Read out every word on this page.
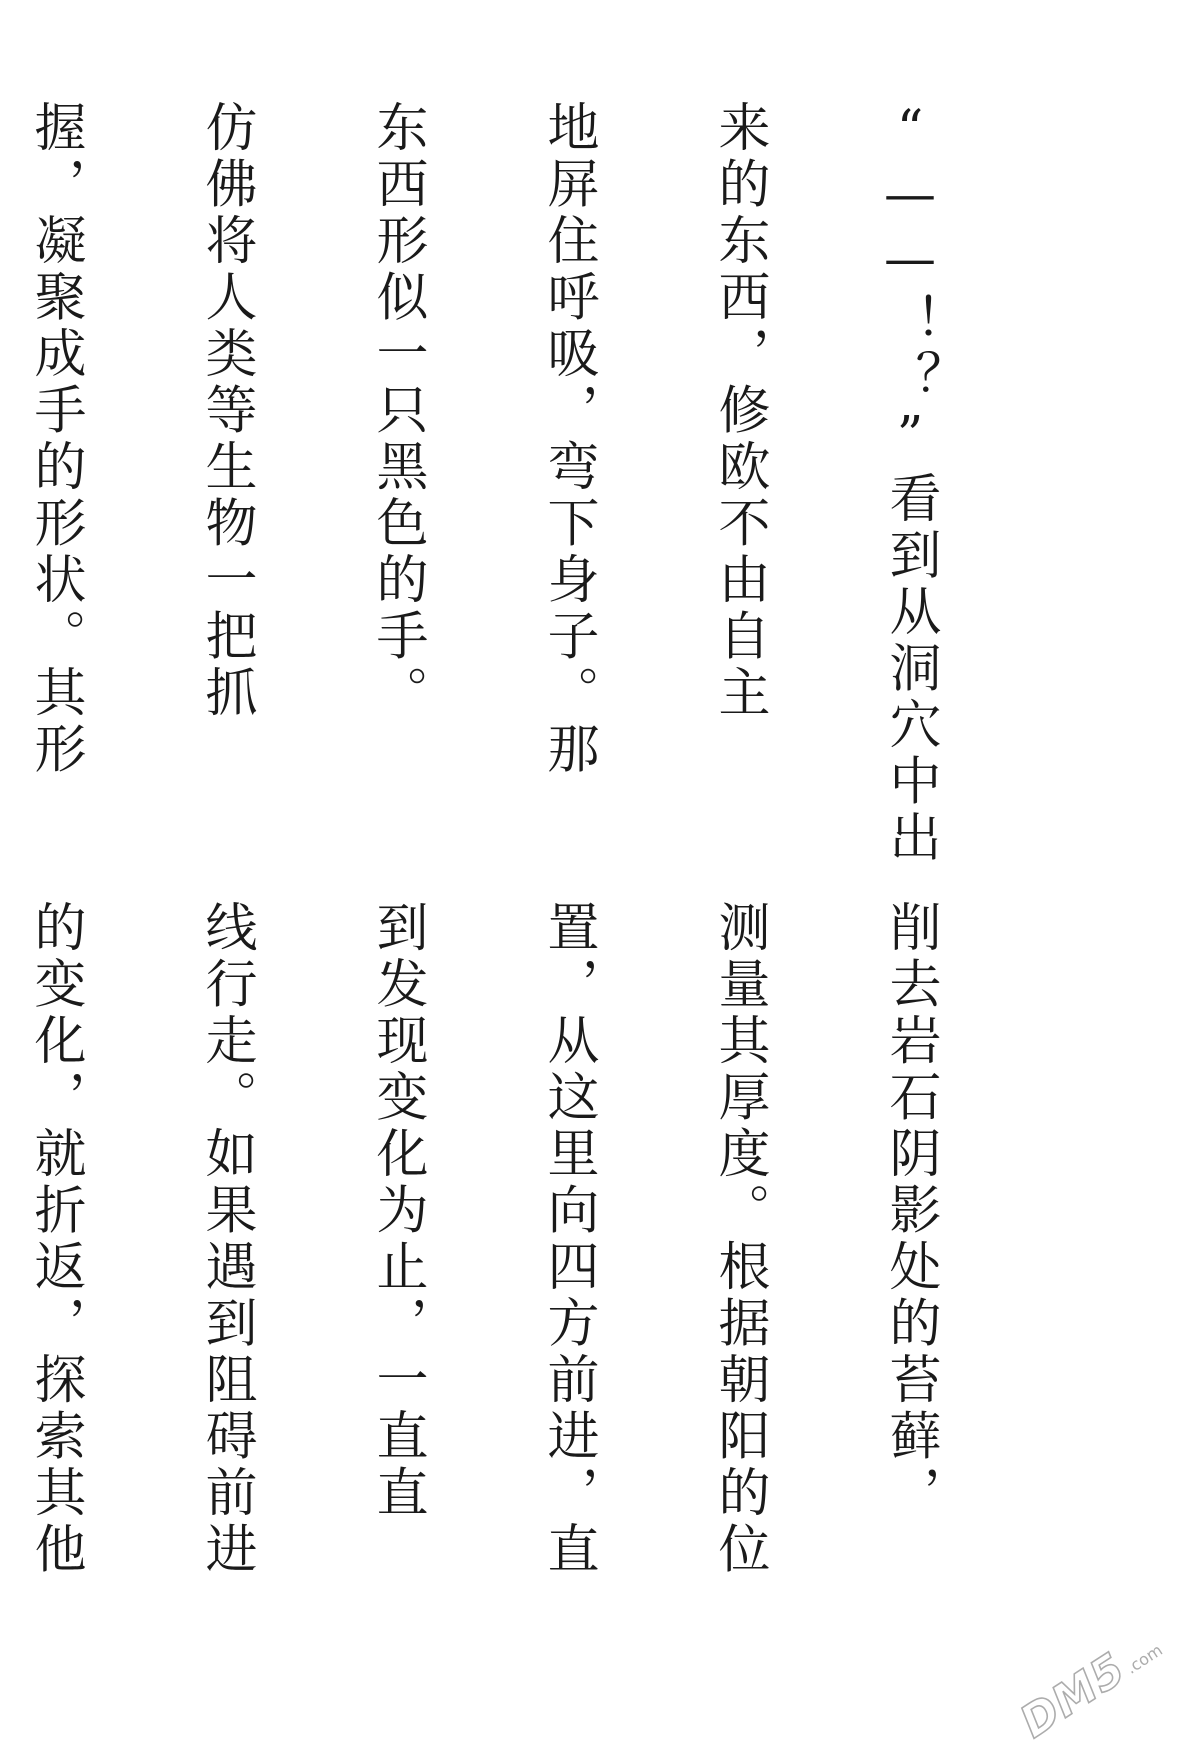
“——！？”看到从洞穴中出

来的东西，修欧不由自主

地屏住呼吸，弯下身子。那

东西形似一只黑色的手。

仿佛将人类等生物一把抓

握，凝聚成手的形状。其形

削去岩石阴影处的苔藓，

测量其厚度。根据朝阳的位

置，从这里向四方前进，直

到发现变化为止，一直直

线行走。如果遇到阻碍前进

的变化，就折返，探索其他

DM5
.com
